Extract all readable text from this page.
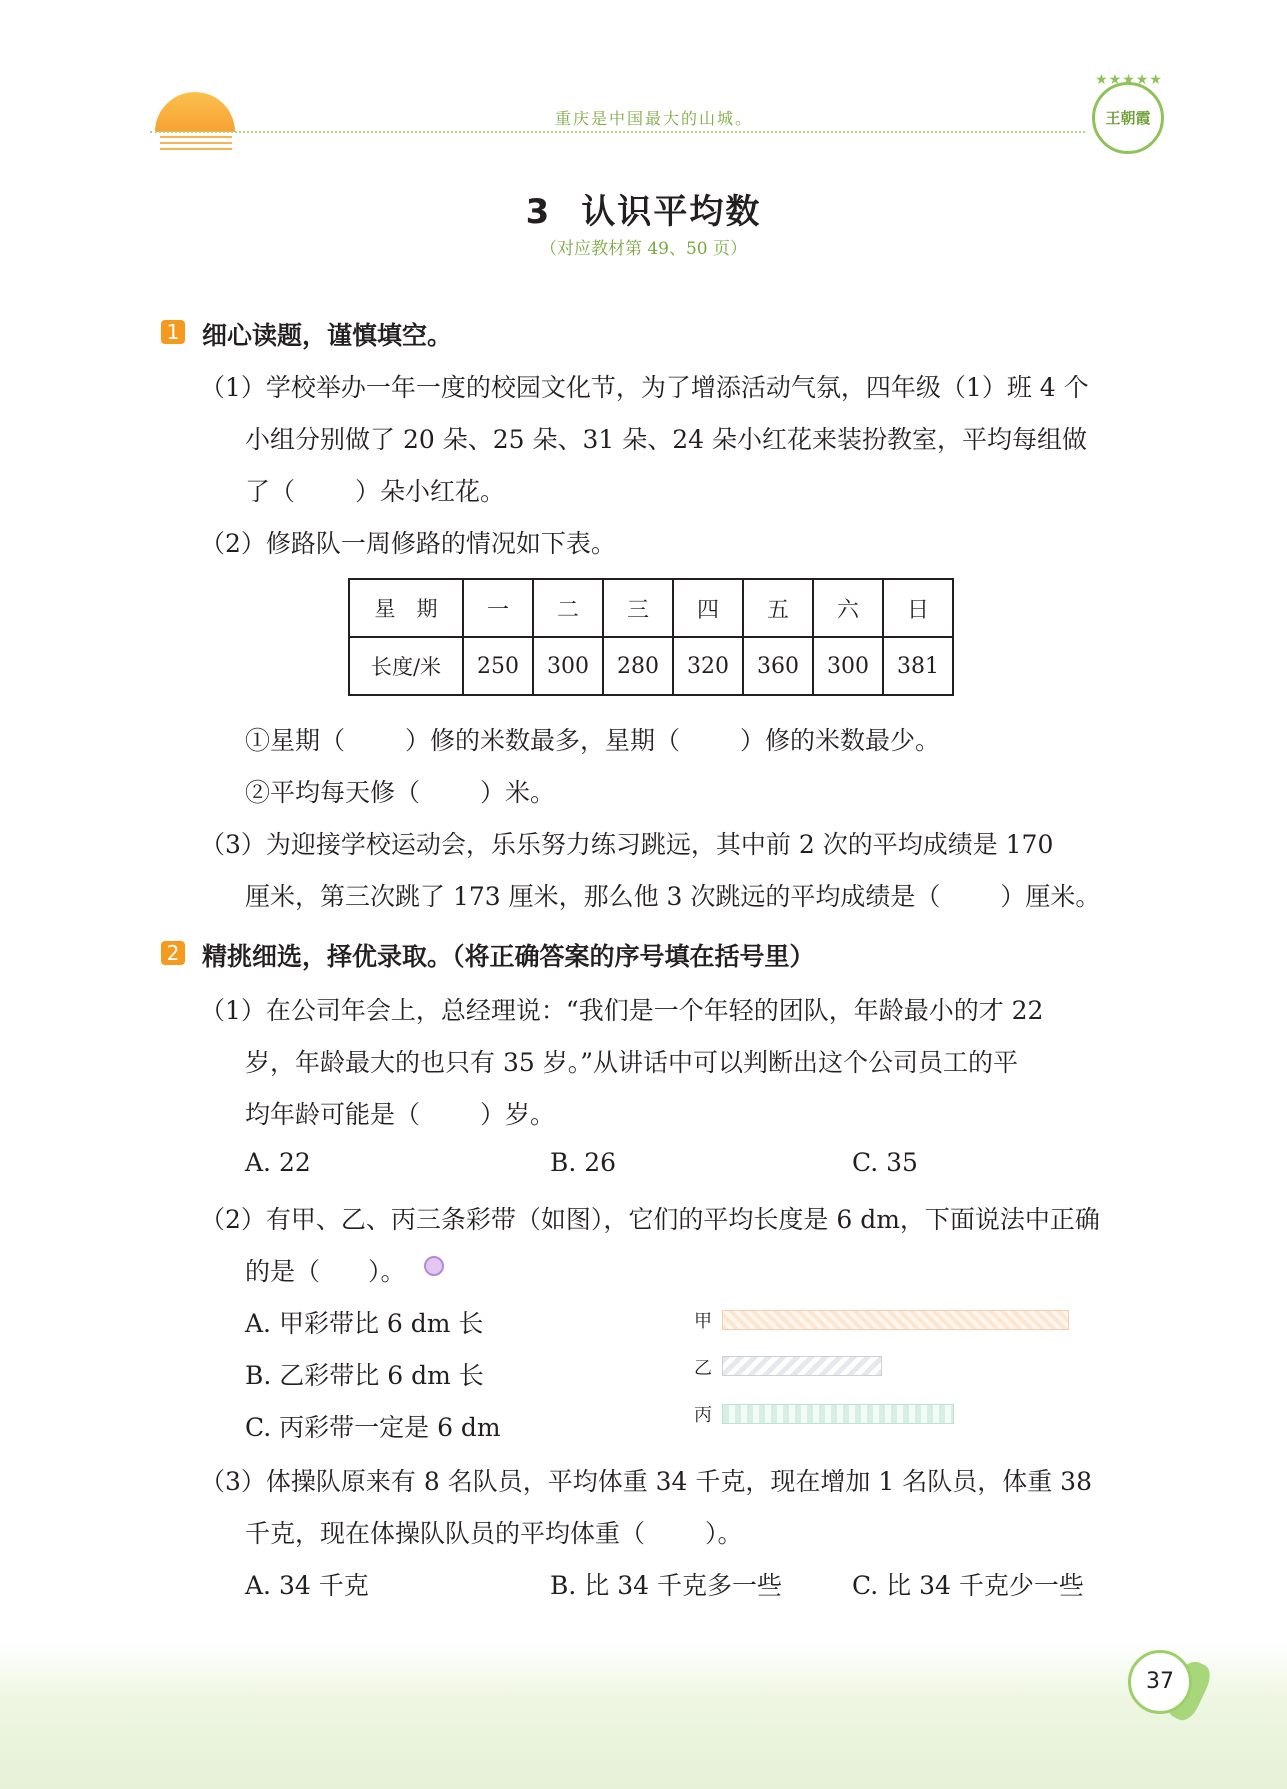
重庆是中国最大的山城。
★★★★★
王朝霞
3 认识平均数
（对应教材第 49、50 页）
1 细心读题，谨慎填空。
（1）学校举办一年一度的校园文化节，为了增添活动气氛，四年级（1）班 4 个
小组分别做了 20 朵、25 朵、31 朵、24 朵小红花来装扮教室，平均每组做
了（ ）朵小红花。
（2）修路队一周修路的情况如下表。
星　期	一	二	三	四	五	六	日
长度/米	250	300	280	320	360	300	381
①星期（ ）修的米数最多，星期（ ）修的米数最少。
②平均每天修（ ）米。
（3）为迎接学校运动会，乐乐努力练习跳远，其中前 2 次的平均成绩是 170
厘米，第三次跳了 173 厘米，那么他 3 次跳远的平均成绩是（ ）厘米。
2 精挑细选，择优录取。（将正确答案的序号填在括号里）
（1）在公司年会上，总经理说：“我们是一个年轻的团队，年龄最小的才 22
岁，年龄最大的也只有 35 岁。”从讲话中可以判断出这个公司员工的平
均年龄可能是（ ）岁。
A. 22	B. 26	C. 35
（2）有甲、乙、丙三条彩带（如图），它们的平均长度是 6 dm，下面说法中正确
的是（ ）。
A. 甲彩带比 6 dm 长
B. 乙彩带比 6 dm 长
C. 丙彩带一定是 6 dm
甲
乙
丙
（3）体操队原来有 8 名队员，平均体重 34 千克，现在增加 1 名队员，体重 38
千克，现在体操队队员的平均体重（ ）。
A. 34 千克	B. 比 34 千克多一些	C. 比 34 千克少一些
37
